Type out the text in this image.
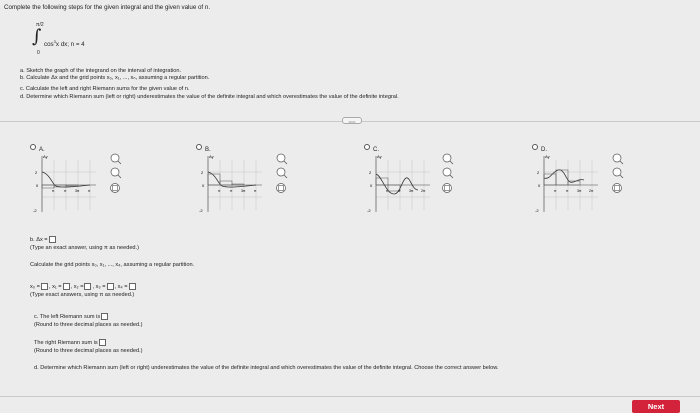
Complete the following steps for the given integral and the given value of n.
π/2
∫
0
$\cos^3x$ dx; n = 4
a. Sketch the graph of the integrand on the interval of integration.
b. Calculate Δx and the grid points x₀, x₁, ..., xₙ, assuming a regular partition.
c. Calculate the left and right Riemann sums for the given value of n.
d. Determine which Riemann sum (left or right) underestimates the value of the definite integral and which overestimates the value of the definite integral.
•••••
A.	B.	C.	D.
Ay
2
0
-2
π	π 3π π
Ay
2
0
-2
π	π 3π π
Ay
2
0
-2
π	π 3π 2π
Ay
2
0
-2
π	π 3π 2π
b. Δx =
(Type an exact answer, using π as needed.)
Calculate the grid points x₀, x₁, ..., x₄, assuming a regular partition.
x₀ = , x₁ = , x₂ = , x₃ = , x₄ =
(Type exact answers, using π as needed.)
c. The left Riemann sum is
(Round to three decimal places as needed.)
The right Riemann sum is
(Round to three decimal places as needed.)
d. Determine which Riemann sum (left or right) underestimates the value of the definite integral and which overestimates the value of the definite integral. Choose the correct answer below.
Next
